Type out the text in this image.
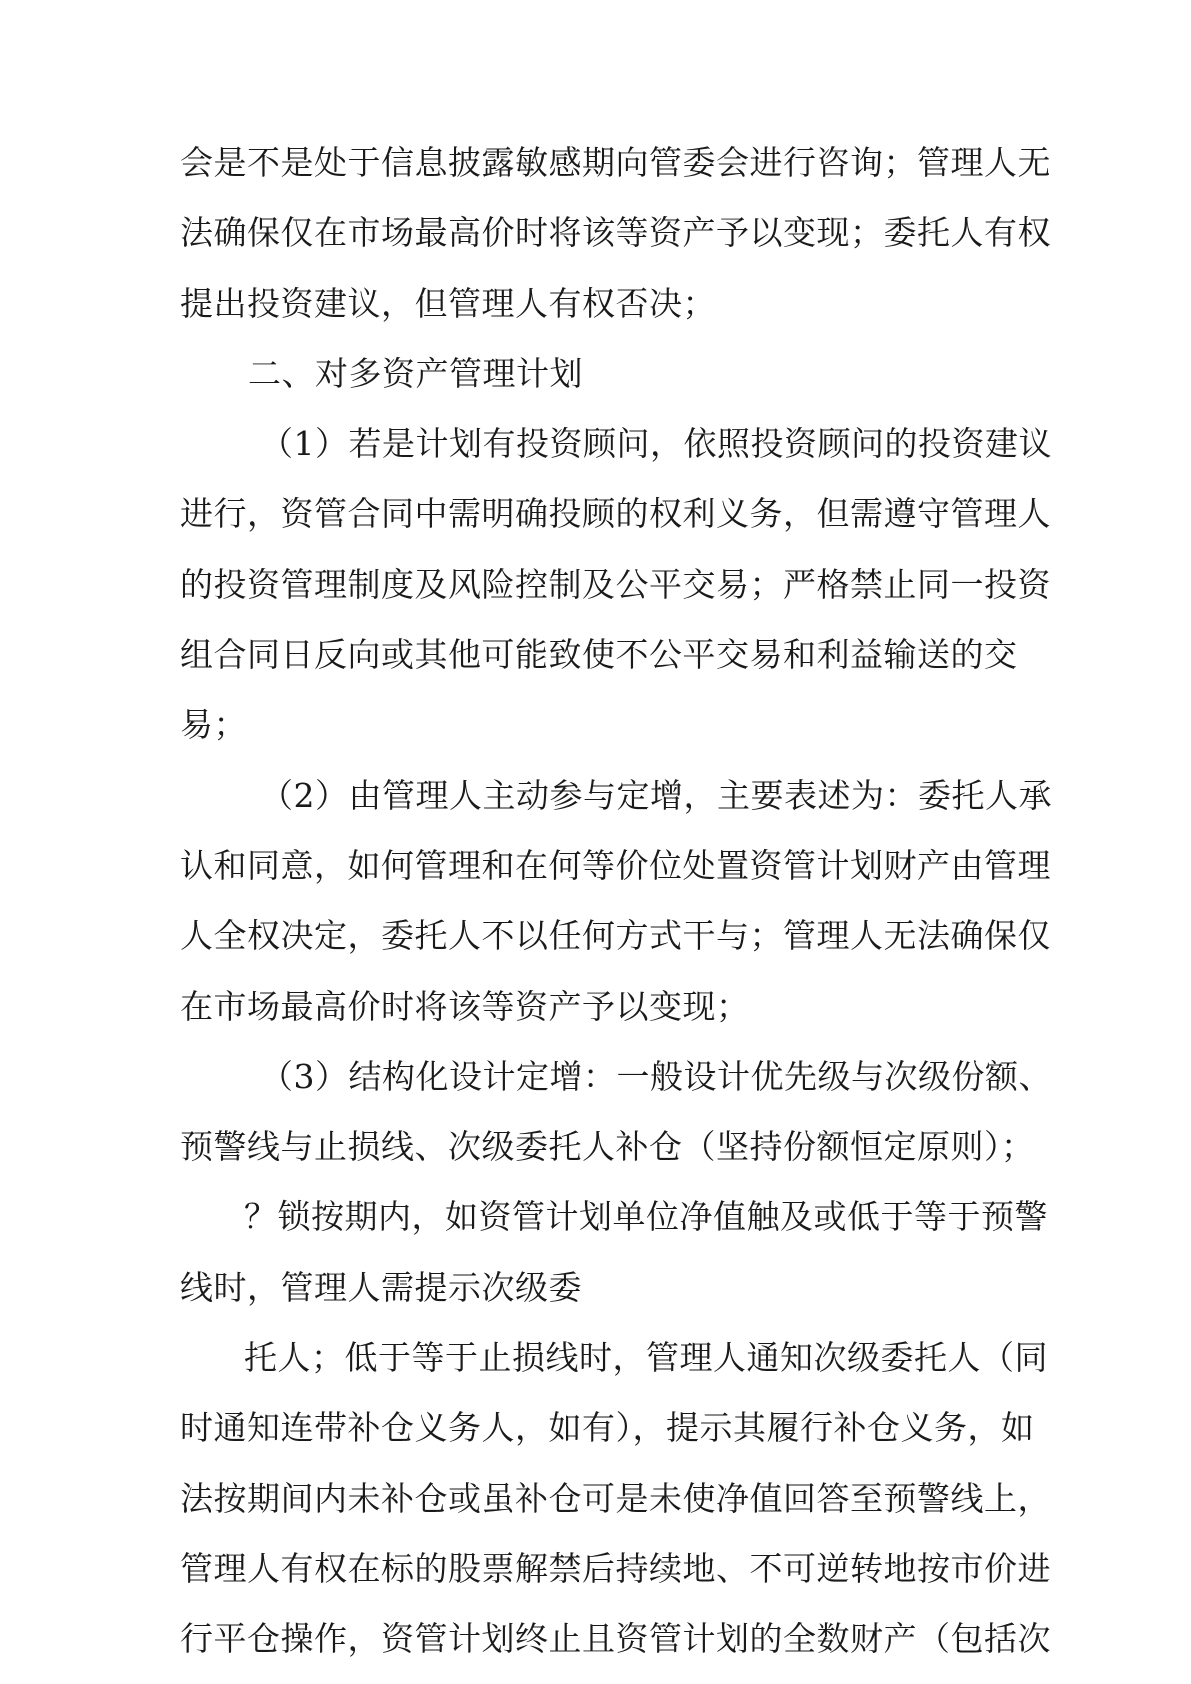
会是不是处于信息披露敏感期向管委会进行咨询；管理人无
法确保仅在市场最高价时将该等资产予以变现；委托人有权
提出投资建议，但管理人有权否决；
二、对多资产管理计划
（1）若是计划有投资顾问，依照投资顾问的投资建议
进行，资管合同中需明确投顾的权利义务，但需遵守管理人
的投资管理制度及风险控制及公平交易；严格禁止同一投资
组合同日反向或其他可能致使不公平交易和利益输送的交
易；
（2）由管理人主动参与定增，主要表述为：委托人承
认和同意，如何管理和在何等价位处置资管计划财产由管理
人全权决定，委托人不以任何方式干与；管理人无法确保仅
在市场最高价时将该等资产予以变现；
（3）结构化设计定增：一般设计优先级与次级份额、
预警线与止损线、次级委托人补仓（坚持份额恒定原则）；
？锁按期内，如资管计划单位净值触及或低于等于预警
线时，管理人需提示次级委
托人；低于等于止损线时，管理人通知次级委托人（同
时通知连带补仓义务人，如有），提示其履行补仓义务，如
法按期间内未补仓或虽补仓可是未使净值回答至预警线上，
管理人有权在标的股票解禁后持续地、不可逆转地按市价进
行平仓操作，资管计划终止且资管计划的全数财产（包括次
